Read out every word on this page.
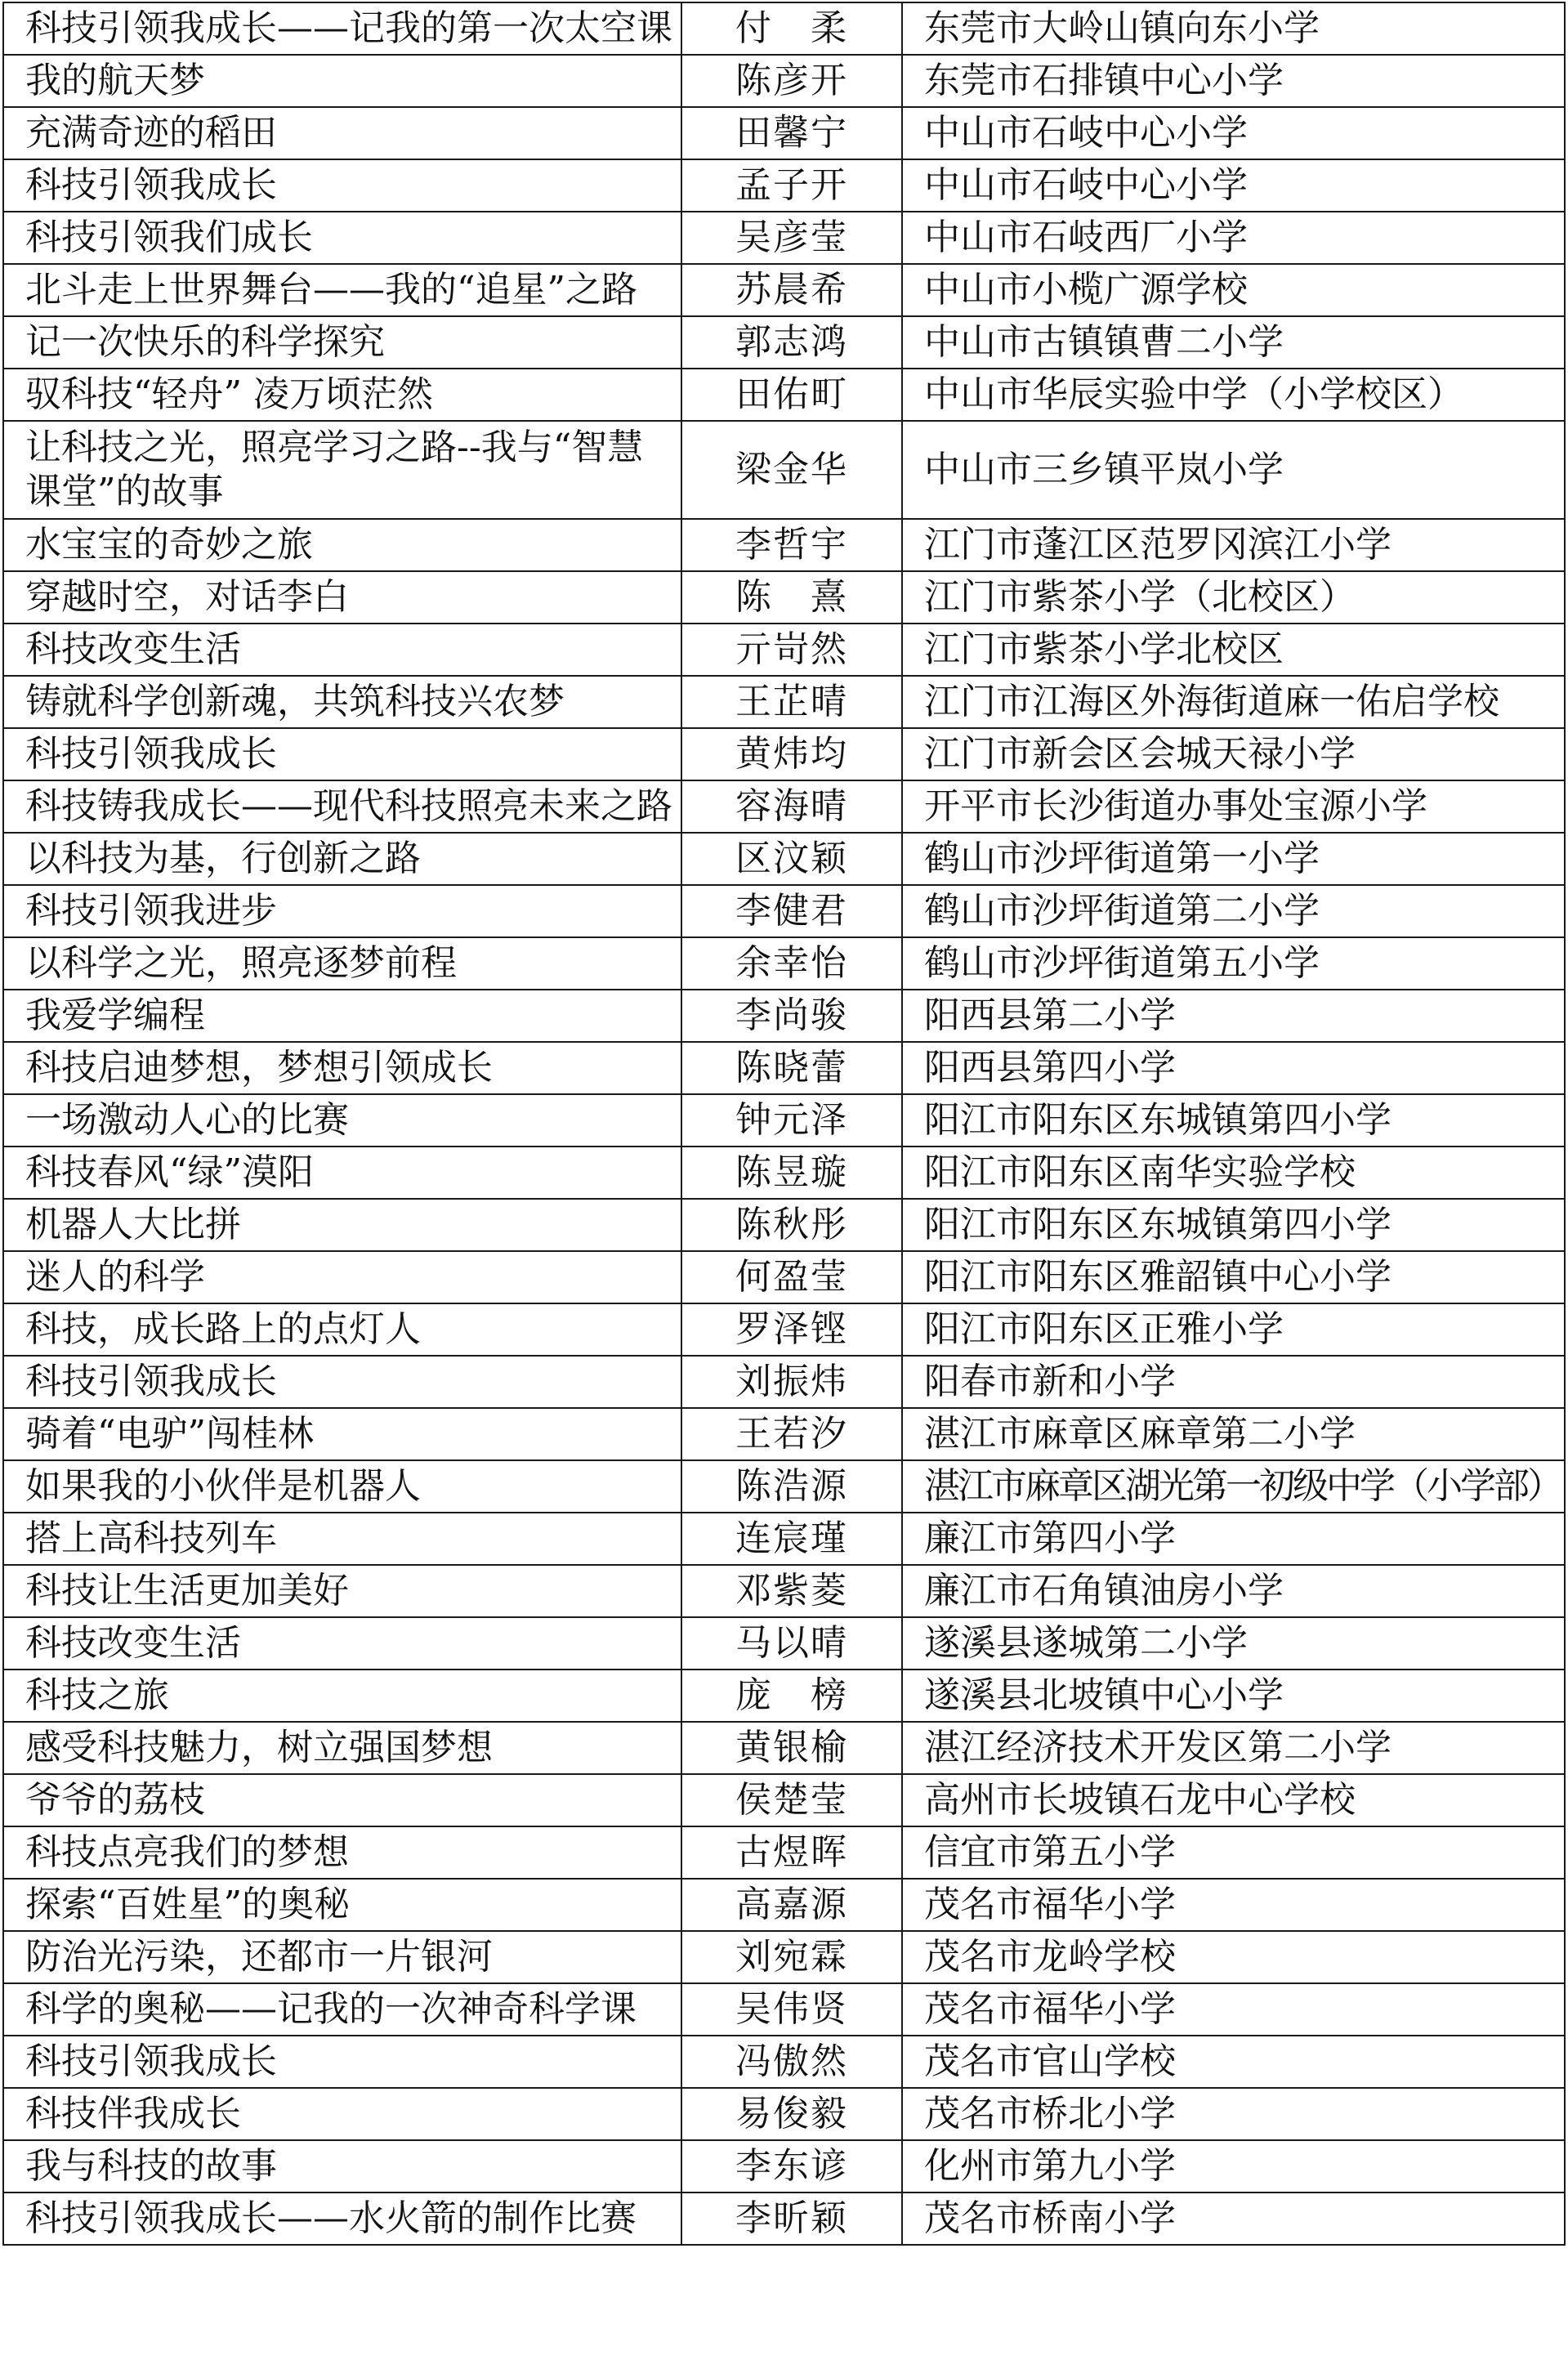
科技引领我成长——记我的第一次太空课	付　柔	东莞市大岭山镇向东小学
我的航天梦	陈彦开	东莞市石排镇中心小学
充满奇迹的稻田	田馨宁	中山市石岐中心小学
科技引领我成长	孟子开	中山市石岐中心小学
科技引领我们成长	吴彦莹	中山市石岐西厂小学
北斗走上世界舞台——我的“追星”之路	苏晨希	中山市小榄广源学校
记一次快乐的科学探究	郭志鸿	中山市古镇镇曹二小学
驭科技“轻舟” 凌万顷茫然	田佑町	中山市华辰实验中学（小学校区）
让科技之光，照亮学习之路--我与“智慧课堂”的故事	梁金华	中山市三乡镇平岚小学
水宝宝的奇妙之旅	李哲宇	江门市蓬江区范罗冈滨江小学
穿越时空，对话李白	陈　熹	江门市紫茶小学（北校区）
科技改变生活	亓岢然	江门市紫茶小学北校区
铸就科学创新魂，共筑科技兴农梦	王芷晴	江门市江海区外海街道麻一佑启学校
科技引领我成长	黄炜均	江门市新会区会城天禄小学
科技铸我成长——现代科技照亮未来之路	容海晴	开平市长沙街道办事处宝源小学
以科技为基，行创新之路	区汶颖	鹤山市沙坪街道第一小学
科技引领我进步	李健君	鹤山市沙坪街道第二小学
以科学之光，照亮逐梦前程	余幸怡	鹤山市沙坪街道第五小学
我爱学编程	李尚骏	阳西县第二小学
科技启迪梦想，梦想引领成长	陈晓蕾	阳西县第四小学
一场激动人心的比赛	钟元泽	阳江市阳东区东城镇第四小学
科技春风“绿”漠阳	陈昱璇	阳江市阳东区南华实验学校
机器人大比拼	陈秋彤	阳江市阳东区东城镇第四小学
迷人的科学	何盈莹	阳江市阳东区雅韶镇中心小学
科技，成长路上的点灯人	罗泽铿	阳江市阳东区正雅小学
科技引领我成长	刘振炜	阳春市新和小学
骑着“电驴”闯桂林	王若汐	湛江市麻章区麻章第二小学
如果我的小伙伴是机器人	陈浩源	湛江市麻章区湖光第一初级中学（小学部）
搭上高科技列车	连宸瑾	廉江市第四小学
科技让生活更加美好	邓紫菱	廉江市石角镇油房小学
科技改变生活	马以晴	遂溪县遂城第二小学
科技之旅	庞　榜	遂溪县北坡镇中心小学
感受科技魅力，树立强国梦想	黄银榆	湛江经济技术开发区第二小学
爷爷的荔枝	侯楚莹	高州市长坡镇石龙中心学校
科技点亮我们的梦想	古煜晖	信宜市第五小学
探索“百姓星”的奥秘	高嘉源	茂名市福华小学
防治光污染，还都市一片银河	刘宛霖	茂名市龙岭学校
科学的奥秘——记我的一次神奇科学课	吴伟贤	茂名市福华小学
科技引领我成长	冯傲然	茂名市官山学校
科技伴我成长	易俊毅	茂名市桥北小学
我与科技的故事	李东谚	化州市第九小学
科技引领我成长——水火箭的制作比赛	李昕颖	茂名市桥南小学
